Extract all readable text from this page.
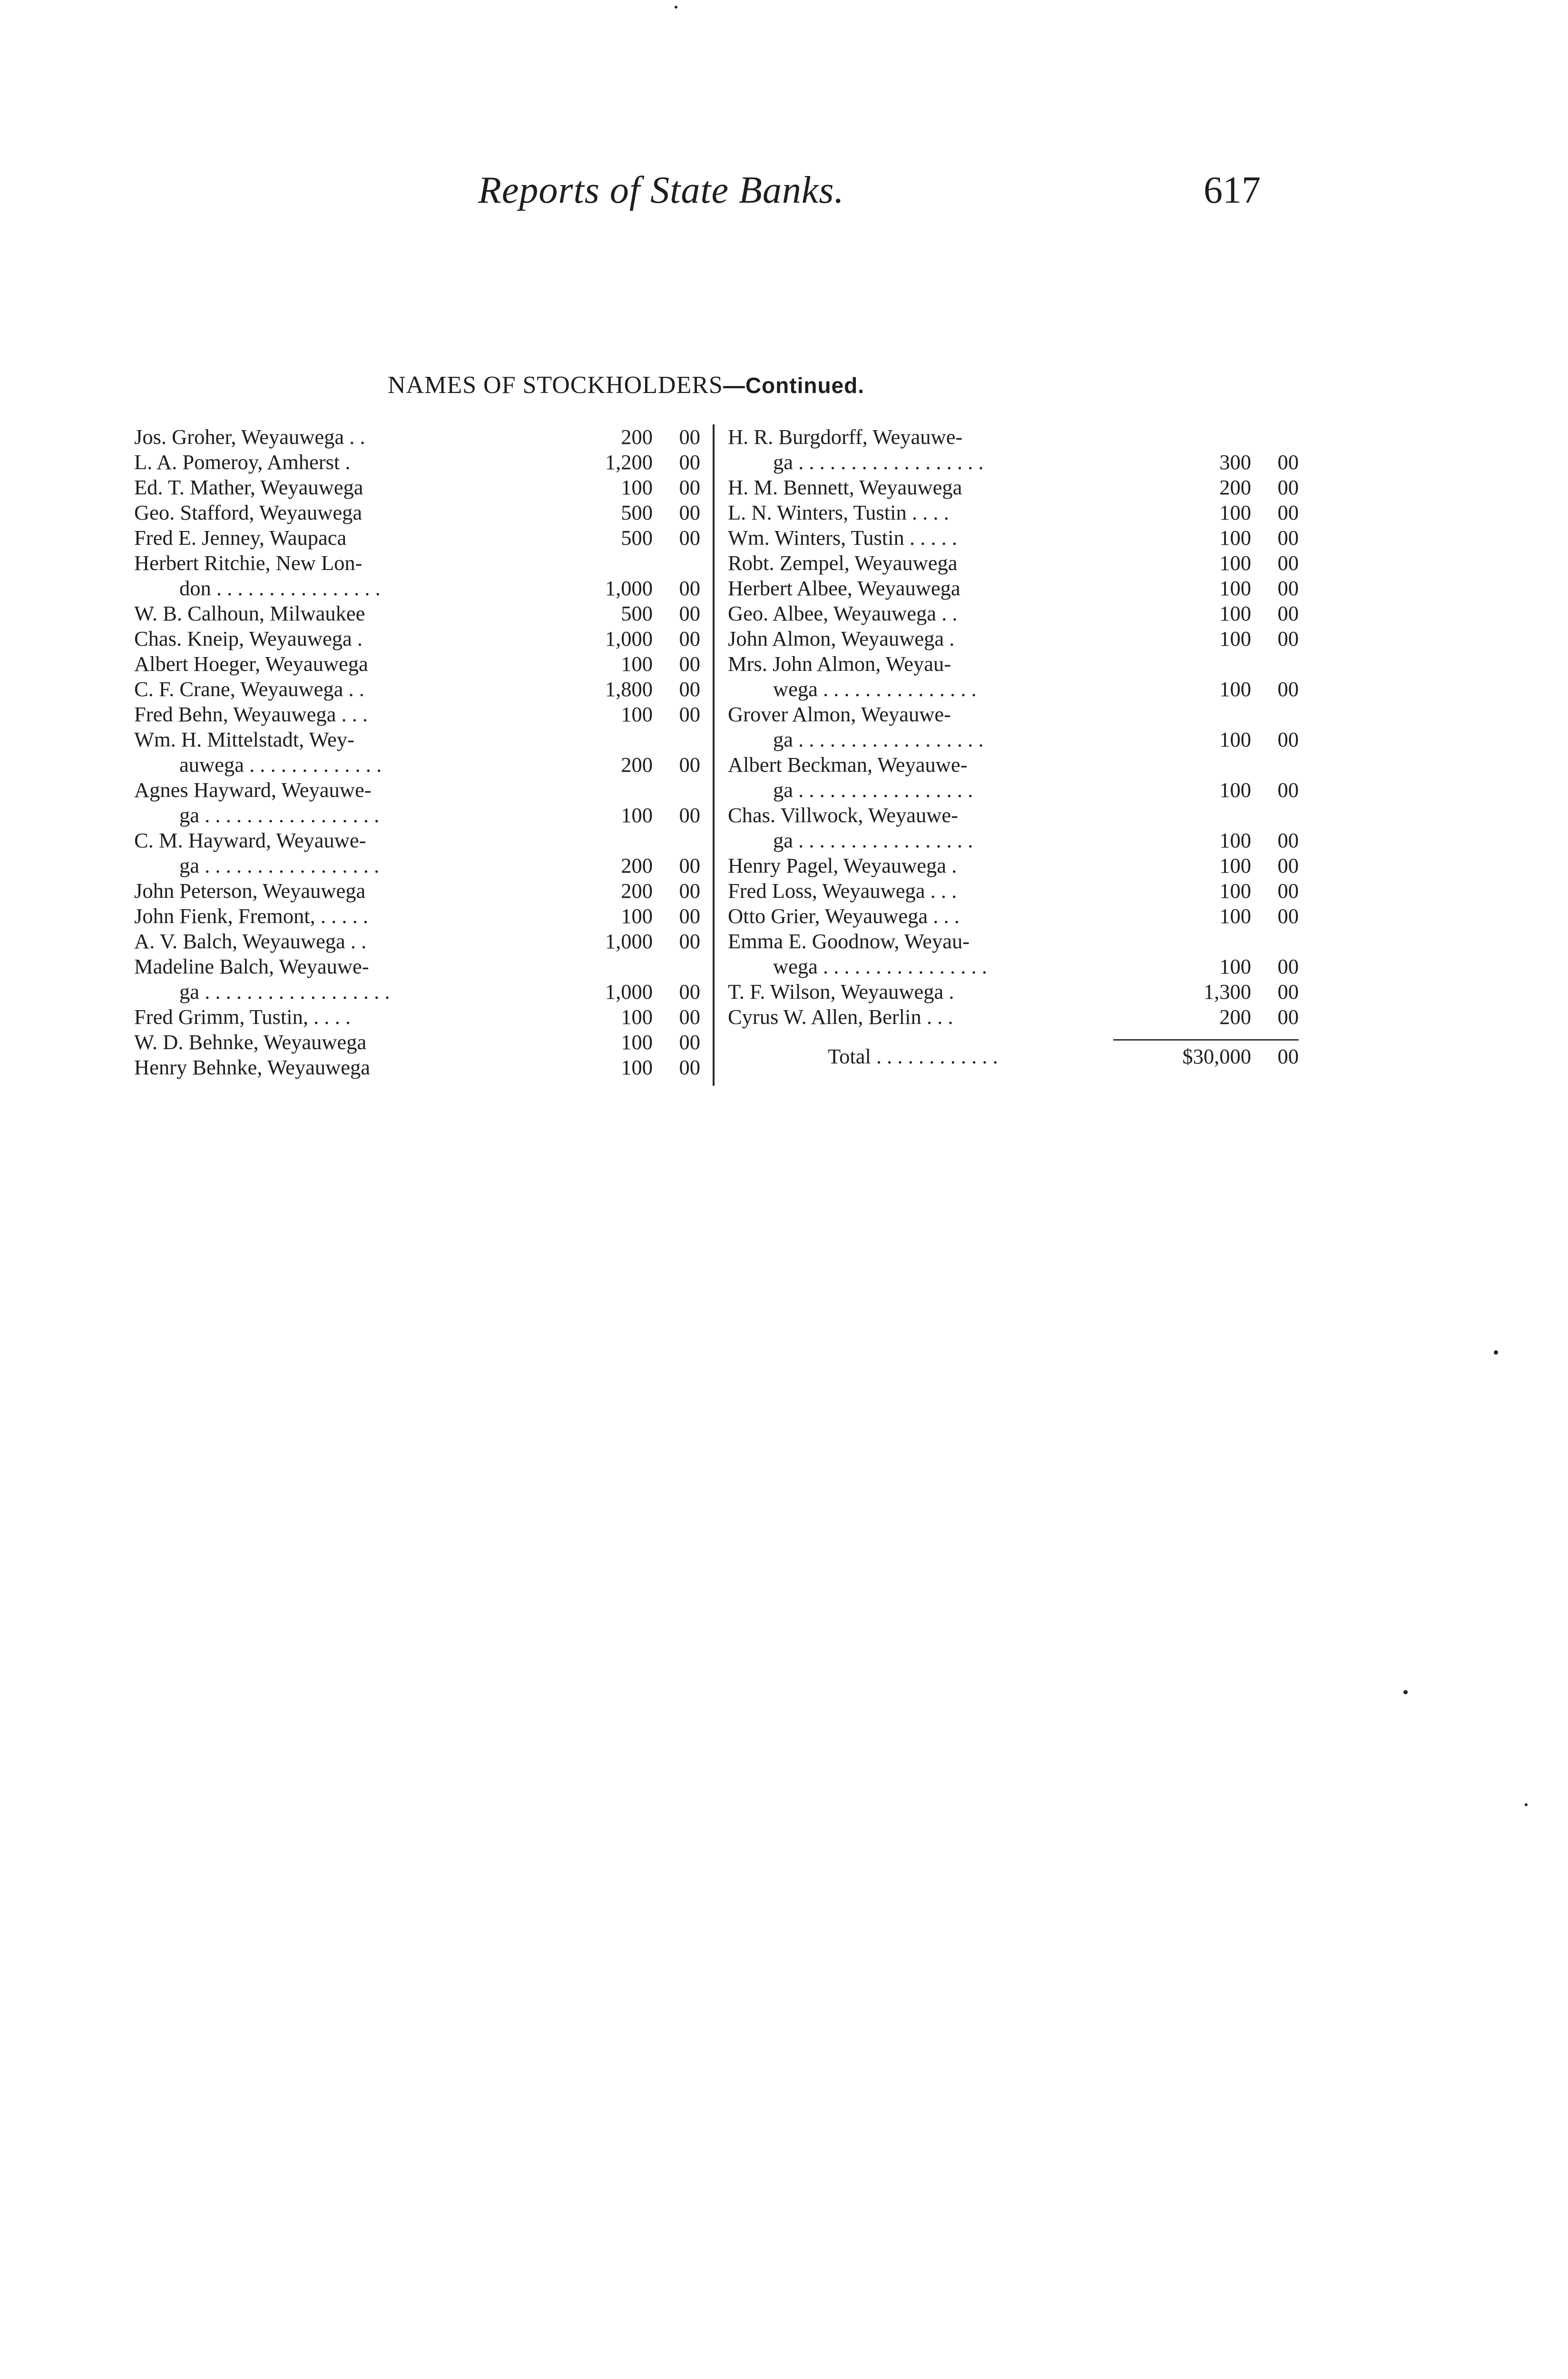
Reports of State Banks.	617
NAMES OF STOCKHOLDERS—Continued.
Jos. Groher, Weyauwega . .	200	00
L. A. Pomeroy, Amherst .	1,200	00
Ed. T. Mather, Weyauwega	100	00
Geo. Stafford, Weyauwega	500	00
Fred E. Jenney, Waupaca	500	00
Herbert Ritchie, New Lon-
don . . . . . . . . . . . . . . . .	1,000	00
W. B. Calhoun, Milwaukee	500	00
Chas. Kneip, Weyauwega .	1,000	00
Albert Hoeger, Weyauwega	100	00
C. F. Crane, Weyauwega . .	1,800	00
Fred Behn, Weyauwega . . .	100	00
Wm. H. Mittelstadt, Wey-
auwega . . . . . . . . . . . . .	200	00
Agnes Hayward, Weyauwe-
ga . . . . . . . . . . . . . . . . .	100	00
C. M. Hayward, Weyauwe-
ga . . . . . . . . . . . . . . . . .	200	00
John Peterson, Weyauwega	200	00
John Fienk, Fremont, . . . . .	100	00
A. V. Balch, Weyauwega . .	1,000	00
Madeline Balch, Weyauwe-
ga . . . . . . . . . . . . . . . . . .	1,000	00
Fred Grimm, Tustin, . . . .	100	00
W. D. Behnke, Weyauwega	100	00
Henry Behnke, Weyauwega	100	00
H. R. Burgdorff, Weyauwe-
ga . . . . . . . . . . . . . . . . . .	300	00
H. M. Bennett, Weyauwega	200	00
L. N. Winters, Tustin . . . .	100	00
Wm. Winters, Tustin . . . . .	100	00
Robt. Zempel, Weyauwega	100	00
Herbert Albee, Weyauwega	100	00
Geo. Albee, Weyauwega . .	100	00
John Almon, Weyauwega .	100	00
Mrs. John Almon, Weyau-
wega . . . . . . . . . . . . . . .	100	00
Grover Almon, Weyauwe-
ga . . . . . . . . . . . . . . . . . .	100	00
Albert Beckman, Weyauwe-
ga . . . . . . . . . . . . . . . . .	100	00
Chas. Villwock, Weyauwe-
ga . . . . . . . . . . . . . . . . .	100	00
Henry Pagel, Weyauwega .	100	00
Fred Loss, Weyauwega . . .	100	00
Otto Grier, Weyauwega . . .	100	00
Emma E. Goodnow, Weyau-
wega . . . . . . . . . . . . . . . .	100	00
T. F. Wilson, Weyauwega .	1,300	00
Cyrus W. Allen, Berlin . . .	200	00
Total . . . . . . . . . . . .	$30,000	00
